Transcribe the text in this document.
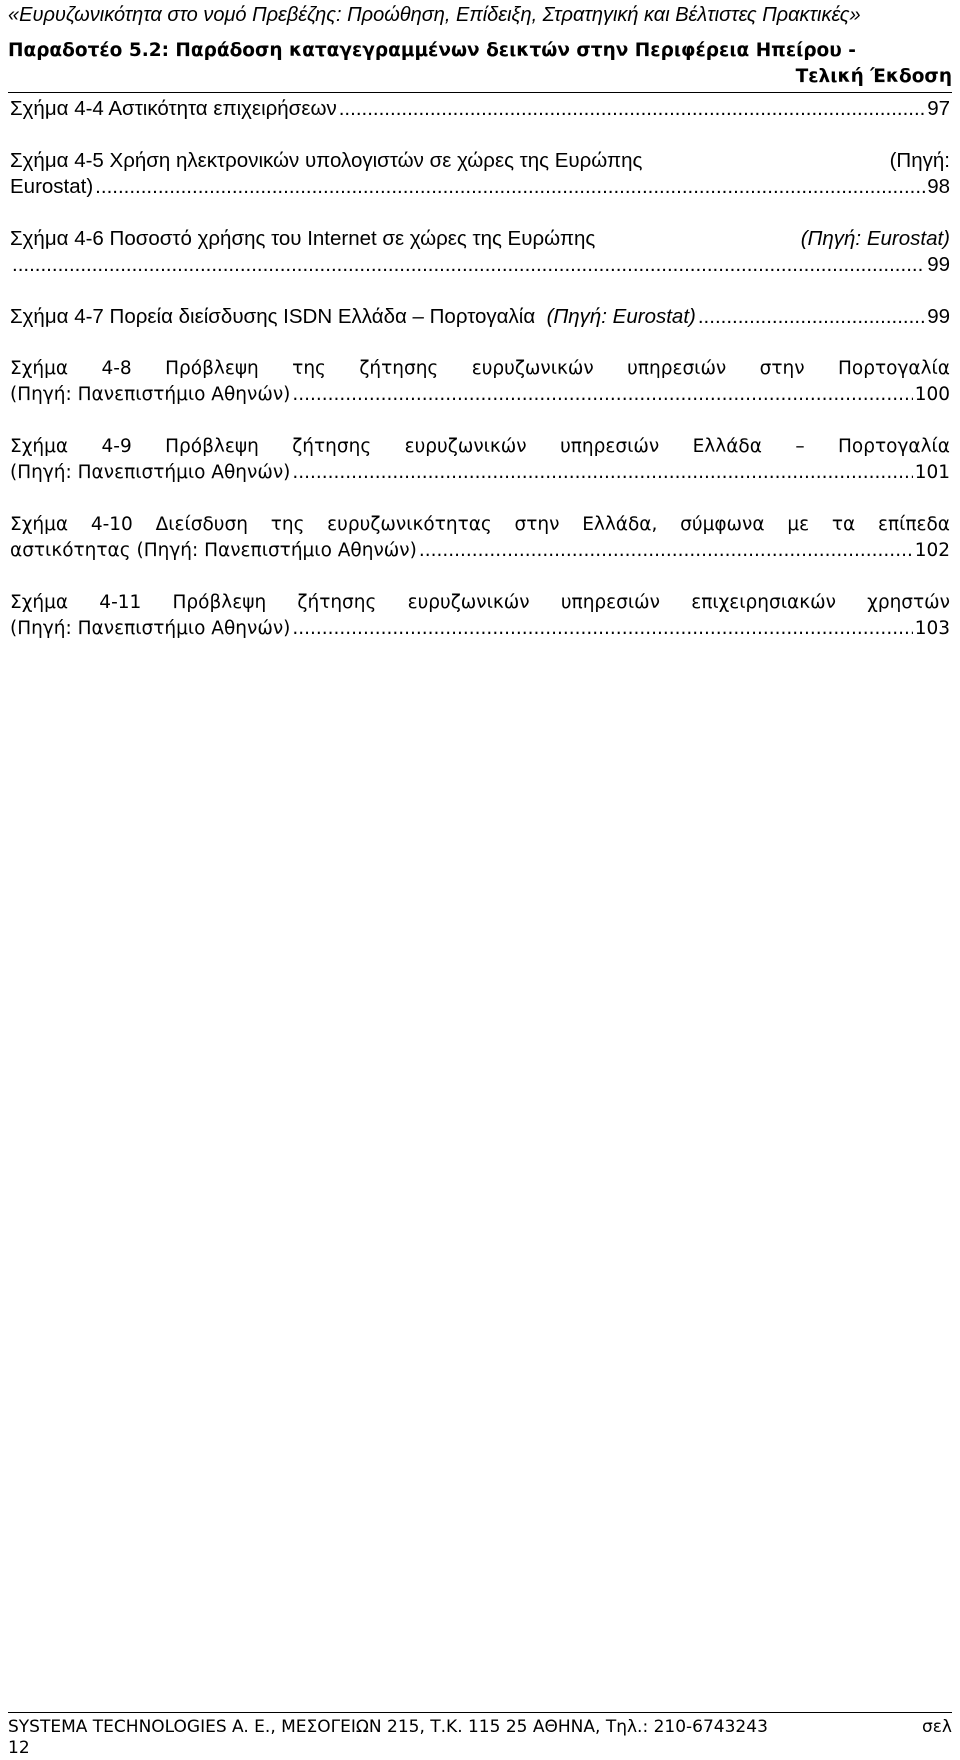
«Ευρυζωνικότητα στο νομό Πρεβέζης: Προώθηση, Επίδειξη, Στρατηγική και Βέλτιστες Πρακτικές»
Παραδοτέο 5.2: Παράδοση καταγεγραμμένων δεικτών στην Περιφέρεια Ηπείρου -
Τελική Έκδοση
Σχήμα 4-4 Αστικότητα επιχειρήσεων .....	97
Σχήμα 4-5 Χρήση ηλεκτρονικών υπολογιστών σε χώρες της Ευρώπης	(Πηγή:
Eurostat) .....	98
Σχήμα 4-6 Ποσοστό χρήσης του Internet σε χώρες της Ευρώπης	(Πηγή: Eurostat)
.....
99
Σχήμα 4-7 Πορεία διείσδυσης ISDN Ελλάδα – Πορτογαλία
(Πηγή: Eurostat) .....	99
Σχήμα 4-8 Πρόβλεψη της ζήτησης ευρυζωνικών υπηρεσιών στην Πορτογαλία
(Πηγή: Πανεπιστήμιο Αθηνών) .....	100
Σχήμα 4-9 Πρόβλεψη ζήτησης ευρυζωνικών υπηρεσιών Ελλάδα – Πορτογαλία
(Πηγή: Πανεπιστήμιο Αθηνών) .....	101
Σχήμα 4-10 Διείσδυση της ευρυζωνικότητας στην Ελλάδα, σύμφωνα με τα επίπεδα
αστικότητας (Πηγή: Πανεπιστήμιο Αθηνών) .....	102
Σχήμα 4-11 Πρόβλεψη ζήτησης ευρυζωνικών υπηρεσιών επιχειρησιακών χρηστών
(Πηγή: Πανεπιστήμιο Αθηνών) .....	103
SYSTEMA TECHNOLOGIES A. E., ΜΕΣΟΓΕΙΩΝ 215, Τ.Κ. 115 25 ΑΘΗΝΑ, Τηλ.: 210-6743243	σελ
12
